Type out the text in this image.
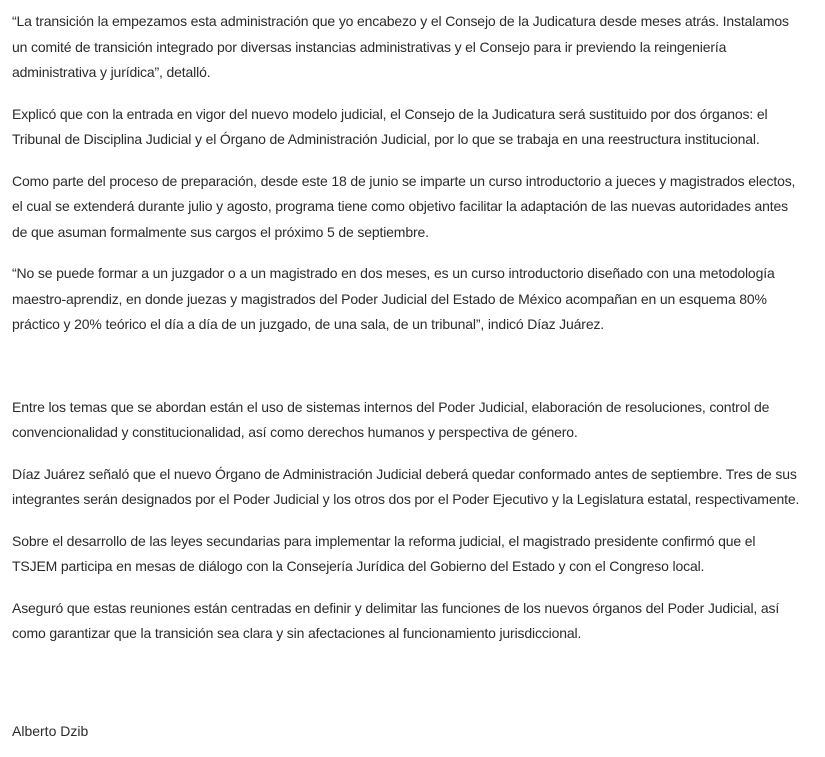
“La transición la empezamos esta administración que yo encabezo y el Consejo de la Judicatura desde meses atrás. Instalamos un comité de transición integrado por diversas instancias administrativas y el Consejo para ir previendo la reingeniería administrativa y jurídica”, detalló.

Explicó que con la entrada en vigor del nuevo modelo judicial, el Consejo de la Judicatura será sustituido por dos órganos: el Tribunal de Disciplina Judicial y el Órgano de Administración Judicial, por lo que se trabaja en una reestructura institucional.

Como parte del proceso de preparación, desde este 18 de junio se imparte un curso introductorio a jueces y magistrados electos, el cual se extenderá durante julio y agosto, programa tiene como objetivo facilitar la adaptación de las nuevas autoridades antes de que asuman formalmente sus cargos el próximo 5 de septiembre.

“No se puede formar a un juzgador o a un magistrado en dos meses, es un curso introductorio diseñado con una metodología maestro-aprendiz, en donde juezas y magistrados del Poder Judicial del Estado de México acompañan en un esquema 80% práctico y 20% teórico el día a día de un juzgado, de una sala, de un tribunal”, indicó Díaz Juárez.

Entre los temas que se abordan están el uso de sistemas internos del Poder Judicial, elaboración de resoluciones, control de convencionalidad y constitucionalidad, así como derechos humanos y perspectiva de género.

Díaz Juárez señaló que el nuevo Órgano de Administración Judicial deberá quedar conformado antes de septiembre. Tres de sus integrantes serán designados por el Poder Judicial y los otros dos por el Poder Ejecutivo y la Legislatura estatal, respectivamente.

Sobre el desarrollo de las leyes secundarias para implementar la reforma judicial, el magistrado presidente confirmó que el TSJEM participa en mesas de diálogo con la Consejería Jurídica del Gobierno del Estado y con el Congreso local.

Aseguró que estas reuniones están centradas en definir y delimitar las funciones de los nuevos órganos del Poder Judicial, así como garantizar que la transición sea clara y sin afectaciones al funcionamiento jurisdiccional.

Alberto Dzib
